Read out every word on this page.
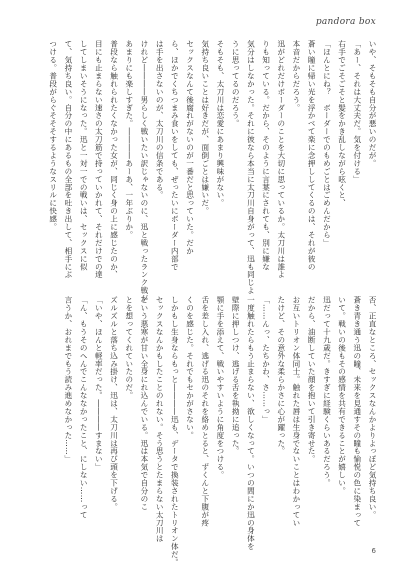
pandora box

いや、そもそも自分が悪いのだが。

「あー、それは大丈夫だ。気を付ける」

右手でごそごそと髪をかき乱しながら呟くと、

「ほんとにね？　ボーダーでのもめごとはごめんだから」

蒼い瞳に帰い光を浮かべて楽に念押ししてくるのは、それが彼の

本音だからだろう。

迅がどれだけボーダーのことを大切に思っているか。太刀川は誰よ

りも知っている。だから、そのように言葉にされても、別に嫌な

気分はしなかった。それに彼なら本当に太刀川自身がって、迅も同じよ

うに思ってるのだろう。

そもそも、太刀川は恋愛にあまり興味がない。

気持ち良いことは好きだが、面倒ごとは嫌いだ。

セックスなんて後腐れがないのが一番だと思っていた。だか

ら、ほかでくちつまみ食いをしても、ぜったいにボーダー内部で

は手を出さないのが、太刀川の信条である。

けれど――――男らしく戦いたい訳じゃないのに、迅と戦ったランク戦が

あまりにも楽しすぎた。――――あーあ、一年ぶりか。

普段なら触れられたくなかった女が、同じく身の上に感じたのか、

目にも止まらない速さの太刀筋で持っていかれて、それだけでの達

してしまいそうになった。迅と一対一での戦いは、セックスに似

て、気持ち良い。自分の中にあるもの全部を吐き出して、相手にぶ

つける。普段がらぐそそそするようなスリルに快感。

否、正直なところ、セックスなんかよりよっぽど気持ち良い。

蒼き青き通う迅の瞳、未来を見通すその瞳も愉悦の色に染まって

いて。戦いの後もその感情を共有できることが嬉しい。

迅だって十九歳だ。きすぎに経験くらいあるだろう。

だから、油断していた顔を抱いて引き寄せた。

お互いトリオン体同士。触れた唇は生身でないことはわかってい

たけど、その意外な柔らかさに心が躍った。

「……んっ、たちかわ、さ……っ」

一度触れたらもう止まらない、欲しくなって。いつの間にか迅の身体を

壁際に押しつけ、逃げる舌を執拗に追った。

顎に手を添えて、戦いやすいように角度をつける。

舌を差し入れ、逃げる迅のそれを絡めとると、ずくんと下腹が疼

くのを感じた。それでもセかがさない。

しかもし生身ならもっと――――迅も、データで換装されたトリオン体だ。

セックスなんかもしたことのれない。そう思うとたまらない太刀川は

という悪寒が甘い全身にれ込んでいる。迅は本気で自分のこ

とを想ってくれていたのだ。

ズルズルと落ち込み掛け、迅は、太刀川は再び頭を下げる。

「いや、ほんと軽率だった。――――すまない」

「ん、もうそのへんでこんななかったこと、にしない……って

言うか、おれまでもう読み進めなかった……」

6
